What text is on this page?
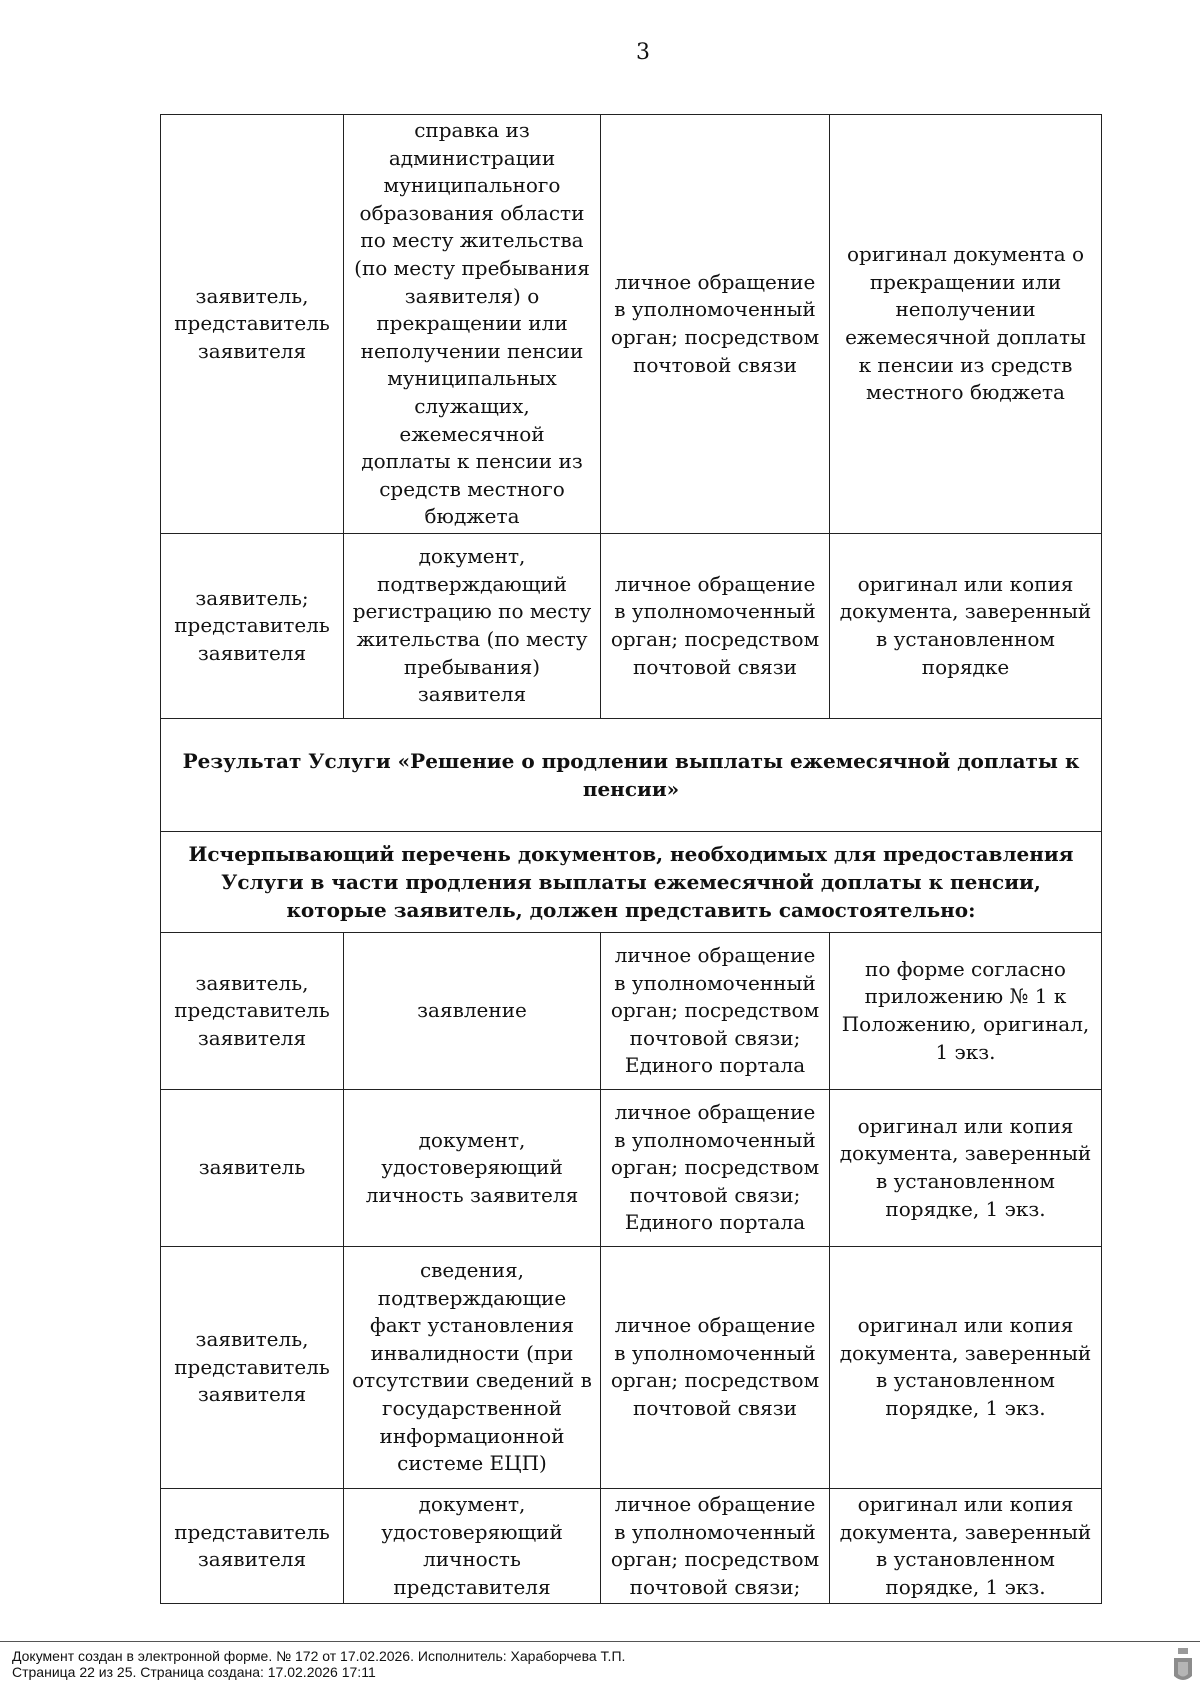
3
заявитель, представитель заявителя	справка из администрации муниципального образования области по месту жительства (по месту пребывания заявителя) о прекращении или неполучении пенсии муниципальных служащих, ежемесячной доплаты к пенсии из средств местного бюджета	личное обращение в уполномоченный орган; посредством почтовой связи	оригинал документа о прекращении или неполучении ежемесячной доплаты к пенсии из средств местного бюджета
заявитель; представитель заявителя	документ, подтверждающий регистрацию по месту жительства (по месту пребывания) заявителя	личное обращение в уполномоченный орган; посредством почтовой связи	оригинал или копия документа, заверенный в установленном порядке
Результат Услуги «Решение о продлении выплаты ежемесячной доплаты к пенсии»			
Исчерпывающий перечень документов, необходимых для предоставления Услуги в части продления выплаты ежемесячной доплаты к пенсии, которые заявитель, должен представить самостоятельно:			
заявитель, представитель заявителя	заявление	личное обращение в уполномоченный орган; посредством почтовой связи; Единого портала	по форме согласно приложению № 1 к Положению, оригинал, 1 экз.
заявитель	документ, удостоверяющий личность заявителя	личное обращение в уполномоченный орган; посредством почтовой связи; Единого портала	оригинал или копия документа, заверенный в установленном порядке, 1 экз.
заявитель, представитель заявителя	сведения, подтверждающие факт установления инвалидности (при отсутствии сведений в государственной информационной системе ЕЦП)	личное обращение в уполномоченный орган; посредством почтовой связи	оригинал или копия документа, заверенный в установленном порядке, 1 экз.
представитель заявителя	документ, удостоверяющий личность представителя	личное обращение в уполномоченный орган; посредством почтовой связи;	оригинал или копия документа, заверенный в установленном порядке, 1 экз.
Документ создан в электронной форме. № 172 от 17.02.2026. Исполнитель: Хараборчева Т.П.
Страница 22 из 25. Страница создана: 17.02.2026 17:11
